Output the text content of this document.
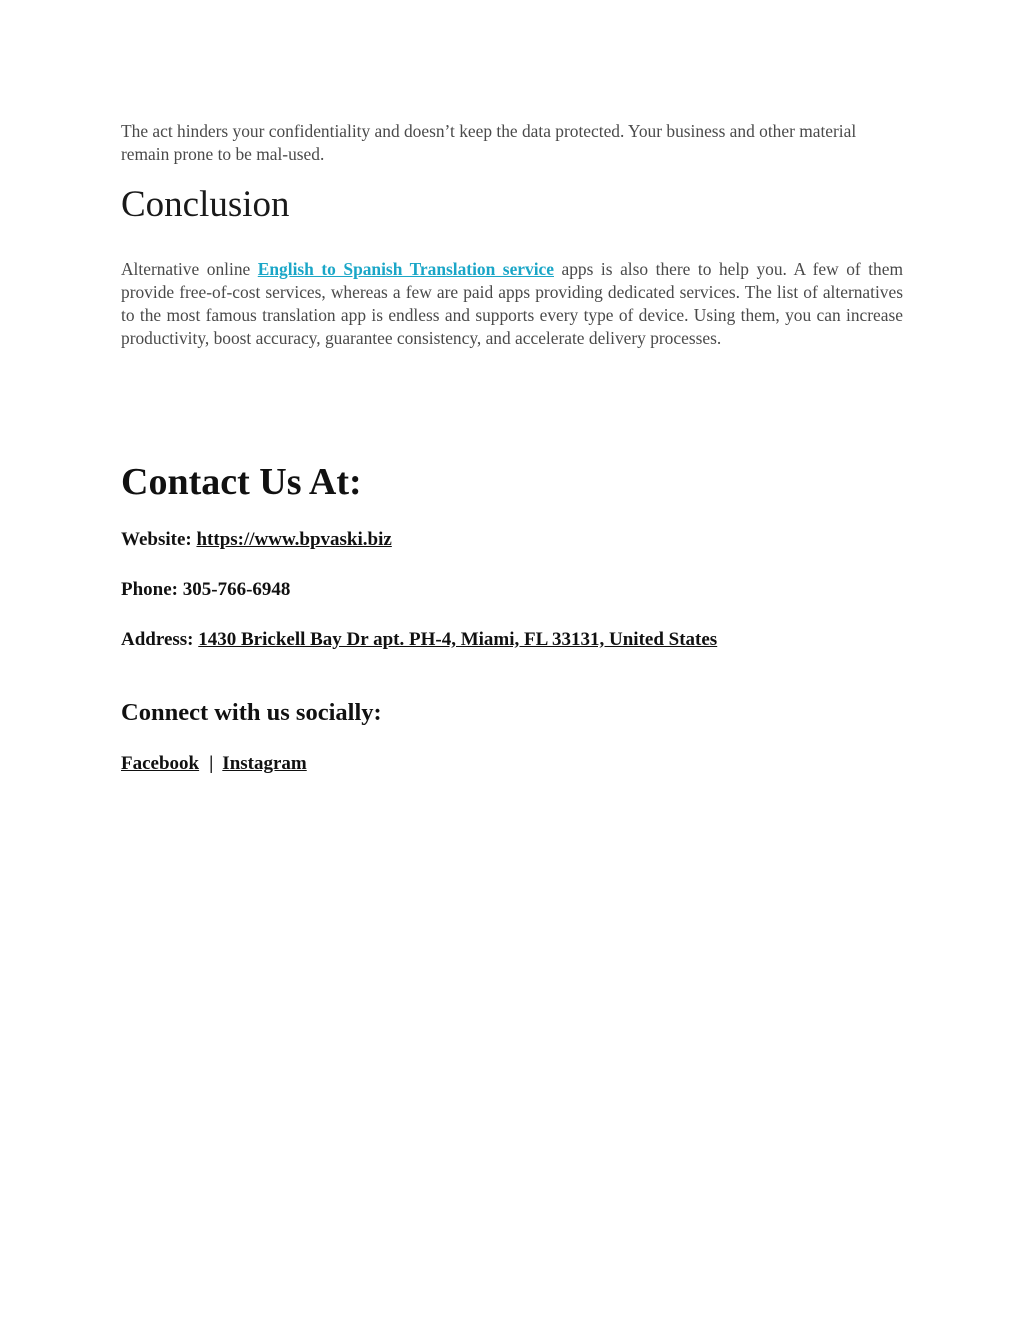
The act hinders your confidentiality and doesn’t keep the data protected. Your business and other material remain prone to be mal-used.

Conclusion

Alternative online English to Spanish Translation service apps is also there to help you. A few of them provide free-of-cost services, whereas a few are paid apps providing dedicated services. The list of alternatives to the most famous translation app is endless and supports every type of device. Using them, you can increase productivity, boost accuracy, guarantee consistency, and accelerate delivery processes.

Contact Us At:

Website: https://www.bpvaski.biz

Phone: 305-766-6948

Address: 1430 Brickell Bay Dr apt. PH-4, Miami, FL 33131, United States

Connect with us socially:

Facebook | Instagram
